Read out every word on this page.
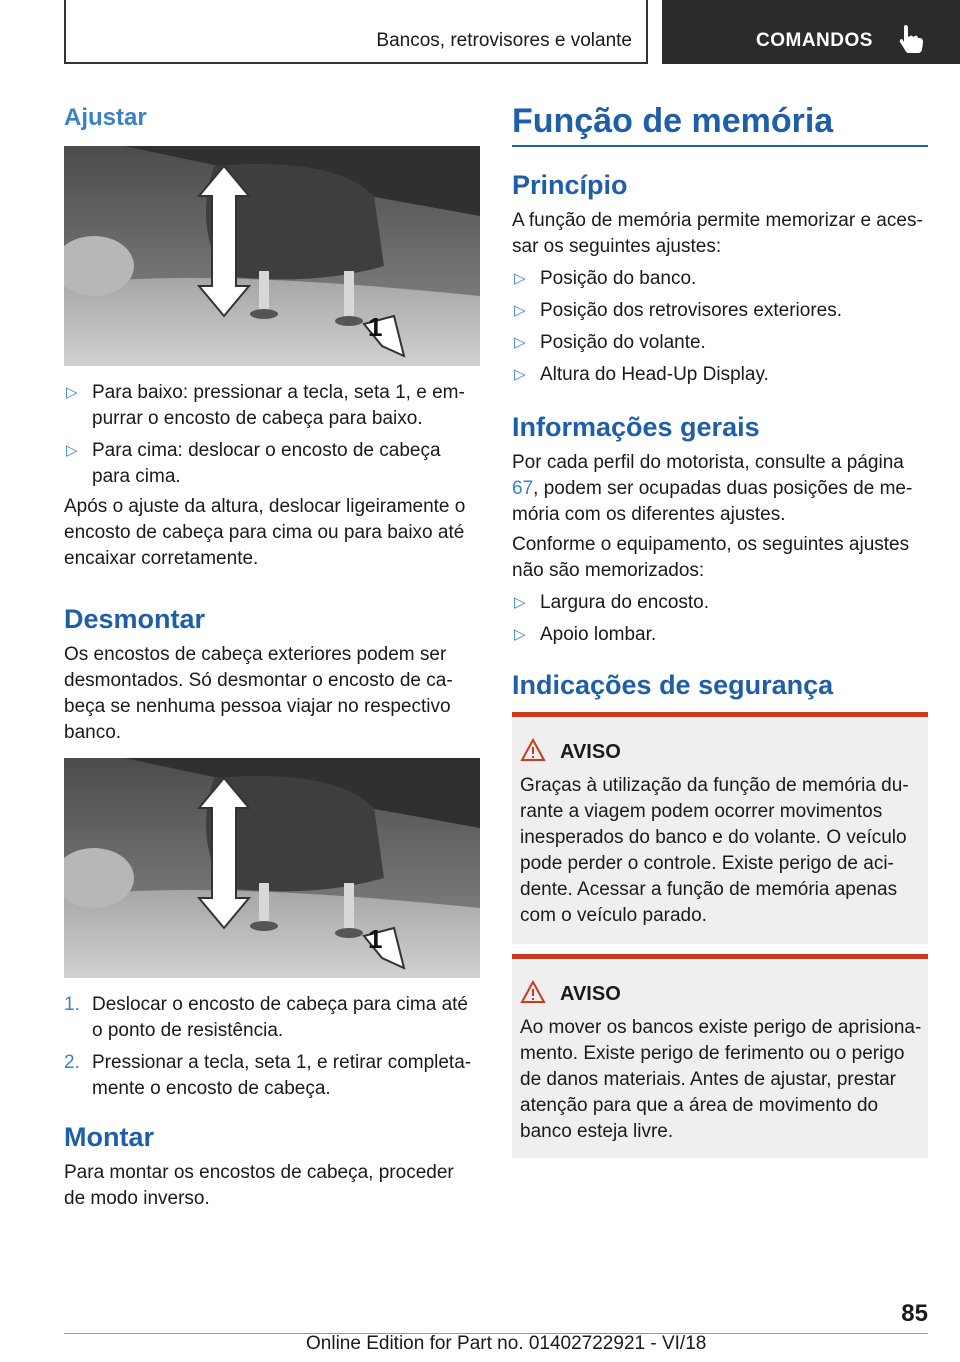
Bancos, retrovisores e volante	COMANDOS
Ajustar
1
▷ Para baixo: pressionar a tecla, seta 1, e em-purrar o encosto de cabeça para baixo.
▷ Para cima: deslocar o encosto de cabeça para cima.

Após o ajuste da altura, deslocar ligeiramente o encosto de cabeça para cima ou para baixo até encaixar corretamente.

Desmontar

Os encostos de cabeça exteriores podem ser desmontados. Só desmontar o encosto de ca-beça se nenhuma pessoa viajar no respectivo banco.

1
1. Deslocar o encosto de cabeça para cima até o ponto de resistência.
2. Pressionar a tecla, seta 1, e retirar completa-mente o encosto de cabeça.
Montar

Para montar os encostos de cabeça, proceder de modo inverso.

Função de memória
Princípio

A função de memória permite memorizar e aces-sar os seguintes ajustes:

▷ Posição do banco.
▷ Posição dos retrovisores exteriores.
▷ Posição do volante.
▷ Altura do Head-Up Display.
Informações gerais

Por cada perfil do motorista, consulte a página 67, podem ser ocupadas duas posições de me-mória com os diferentes ajustes.

Conforme o equipamento, os seguintes ajustes não são memorizados:

▷ Largura do encosto.
▷ Apoio lombar.
Indicações de segurança
AVISO
Graças à utilização da função de memória du-rante a viagem podem ocorrer movimentos inesperados do banco e do volante. O veículo pode perder o controle. Existe perigo de aci-dente. Acessar a função de memória apenas com o veículo parado.
AVISO
Ao mover os bancos existe perigo de aprisiona-mento. Existe perigo de ferimento ou o perigo de danos materiais. Antes de ajustar, prestar atenção para que a área de movimento do banco esteja livre.
85
Online Edition for Part no. 01402722921 - VI/18
